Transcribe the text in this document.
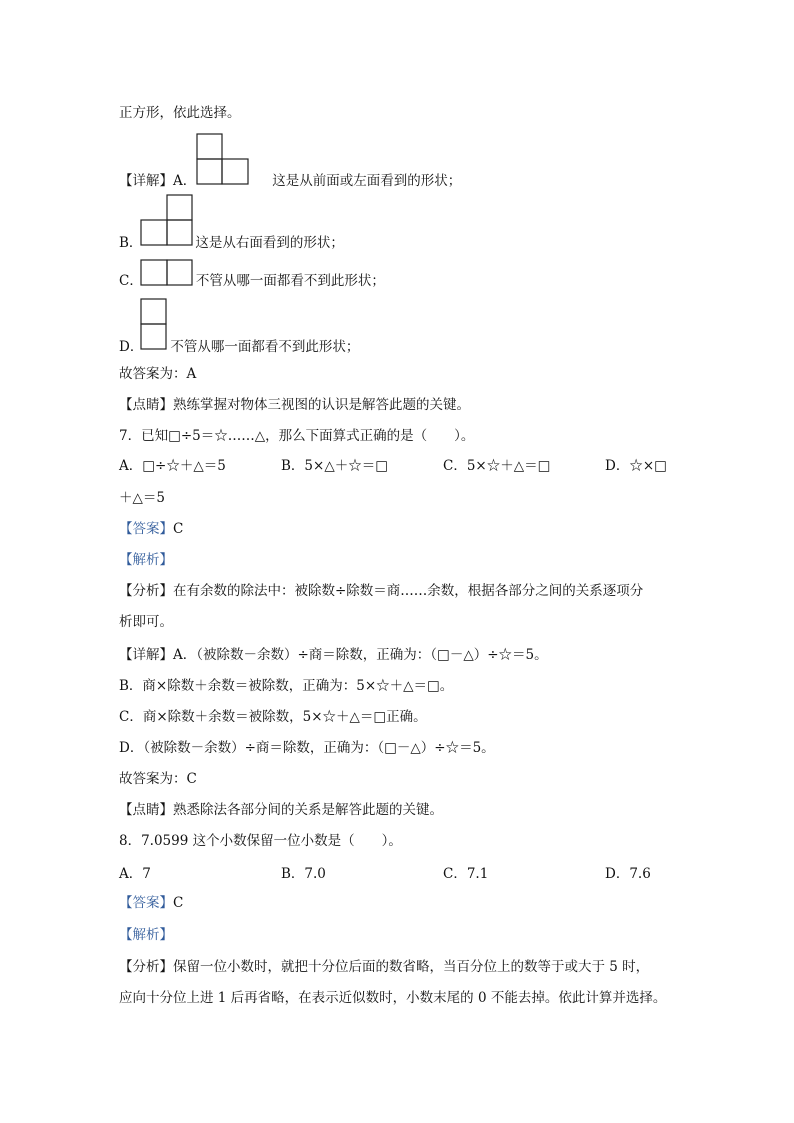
正方形，依此选择。
【详解】A．	这是从前面或左面看到的形状；
B．	这是从右面看到的形状；
C．	不管从哪一面都看不到此形状；
D． 不管从哪一面都看不到此形状；
故答案为：A
【点睛】熟练掌握对物体三视图的认识是解答此题的关键。
7．已知□÷5＝☆……△，那么下面算式正确的是（　　）。
A．□÷☆＋△＝5	B．5×△＋☆＝□	C．5×☆＋△＝□	D．☆×□
＋△＝5
【答案】C
【解析】
【分析】在有余数的除法中：被除数÷除数＝商……余数，根据各部分之间的关系逐项分
析即可。
【详解】A．（被除数－余数）÷商＝除数，正确为：（□－△）÷☆＝5。
B．商×除数＋余数＝被除数，正确为：5×☆＋△＝□。
C．商×除数＋余数＝被除数，5×☆＋△＝□正确。
D．（被除数－余数）÷商＝除数，正确为：（□－△）÷☆＝5。
故答案为：C
【点睛】熟悉除法各部分间的关系是解答此题的关键。
8．7.0599 这个小数保留一位小数是（　　）。
A．7	B．7.0	C．7.1	D．7.6
【答案】C
【解析】
【分析】保留一位小数时，就把十分位后面的数省略，当百分位上的数等于或大于 5 时，
应向十分位上进 1 后再省略，在表示近似数时，小数末尾的 0 不能去掉。依此计算并选择。
